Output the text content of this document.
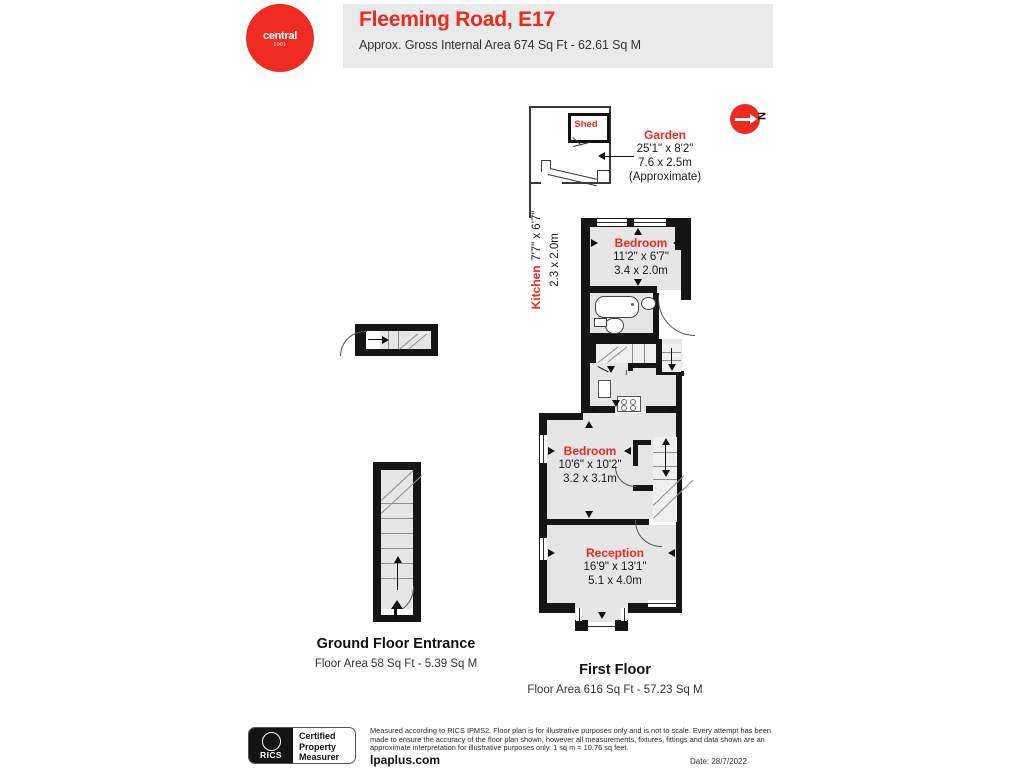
central
1901
Fleeming Road, E17
Approx. Gross Internal Area 674 Sq Ft - 62.61 Sq M
N
Shed
Garden
25'1" x 8'2"
7.6 x 2.5m
(Approximate)
Bedroom
11'2" x 6'7"
3.4 x 2.0m
Kitchen 7'7" x 6'7" 2.3 x 2.0m
Bedroom
10'6" x 10'2"
3.2 x 3.1m
Reception
16'9" x 13'1"
5.1 x 4.0m
Ground Floor Entrance
Floor Area 58 Sq Ft - 5.39 Sq M	First Floor
Floor Area 616 Sq Ft - 57.23 Sq M
RICS
Certified
Property
Measurer
Measured according to RICS IPMS2. Floor plan is for illustrative purposes only and is not to scale. Every attempt has been made to ensure the accuracy of the floor plan shown, however all measurements, fixtures, fittings and data shown are an approximate interpretation for illustrative purposes only. 1 sq m = 10.76 sq feet.
lpaplus.com	Date: 28/7/2022
